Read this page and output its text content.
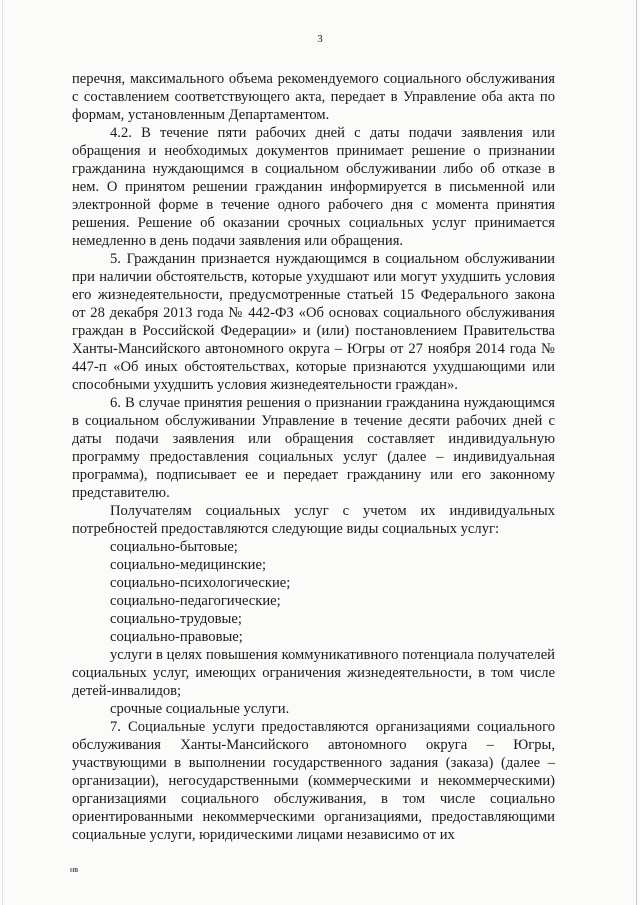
3

перечня, максимального объема рекомендуемого социального обслуживания с составлением соответствующего акта, передает в Управление оба акта по формам, установленным Департаментом.

4.2. В течение пяти рабочих дней с даты подачи заявления или обращения и необходимых документов принимает решение о признании гражданина нуждающимся в социальном обслуживании либо об отказе в нем. О принятом решении гражданин информируется в письменной или электронной форме в течение одного рабочего дня с момента принятия решения. Решение об оказании срочных социальных услуг принимается немедленно в день подачи заявления или обращения.

5. Гражданин признается нуждающимся в социальном обслуживании при наличии обстоятельств, которые ухудшают или могут ухудшить условия его жизнедеятельности, предусмотренные статьей 15 Федерального закона от 28 декабря 2013 года № 442-ФЗ «Об основах социального обслуживания граждан в Российской Федерации» и (или) постановлением Правительства Ханты-Мансийского автономного округа – Югры от 27 ноября 2014 года № 447-п «Об иных обстоятельствах, которые признаются ухудшающими или способными ухудшить условия жизнедеятельности граждан».

6. В случае принятия решения о признании гражданина нуждающимся в социальном обслуживании Управление в течение десяти рабочих дней с даты подачи заявления или обращения составляет индивидуальную программу предоставления социальных услуг (далее – индивидуальная программа), подписывает ее и передает гражданину или его законному представителю.

Получателям социальных услуг с учетом их индивидуальных потребностей предоставляются следующие виды социальных услуг:

социально-бытовые;

социально-медицинские;

социально-психологические;

социально-педагогические;

социально-трудовые;

социально-правовые;

услуги в целях повышения коммуникативного потенциала получателей социальных услуг, имеющих ограничения жизнедеятельности, в том числе детей-инвалидов;

срочные социальные услуги.

7. Социальные услуги предоставляются организациями социального обслуживания Ханты-Мансийского автономного округа – Югры, участвующими в выполнении государственного задания (заказа) (далее – организации), негосударственными (коммерческими и некоммерческими) организациями социального обслуживания, в том числе социально ориентированными некоммерческими организациями, предоставляющими социальные услуги, юридическими лицами независимо от их

нв
